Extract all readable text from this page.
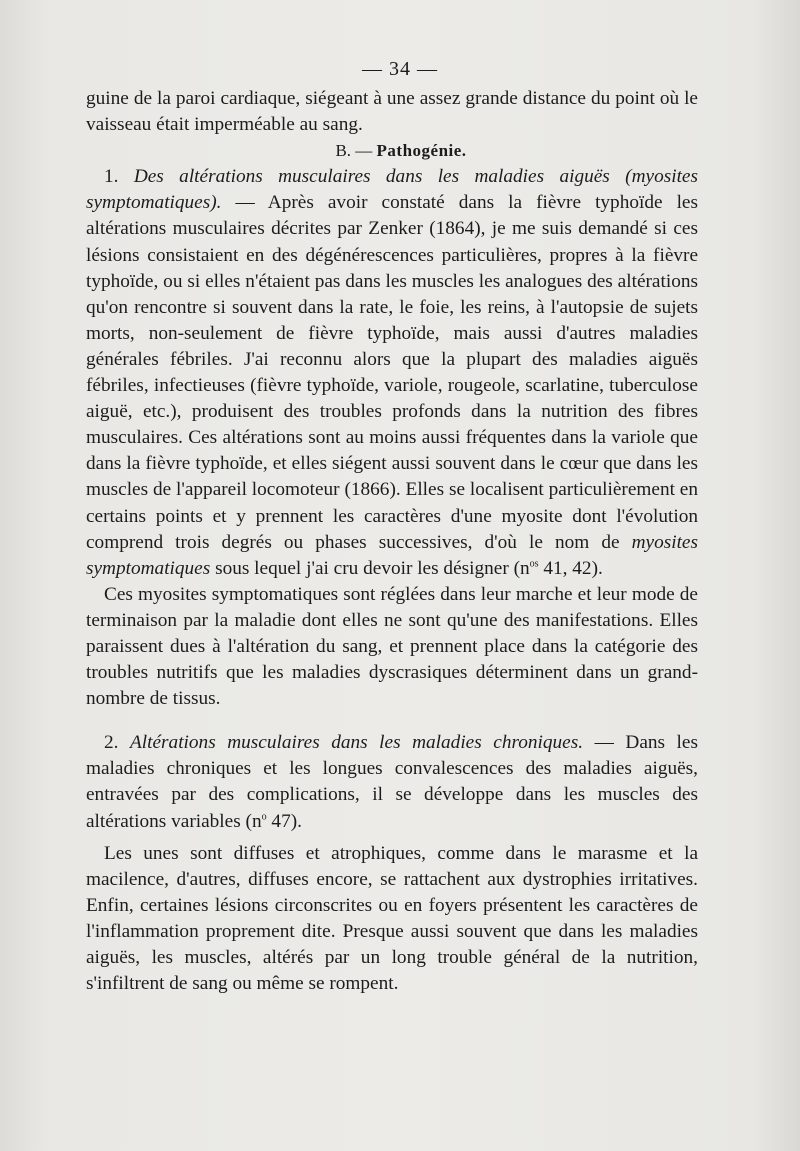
— 34 —

guine de la paroi cardiaque, siégeant à une assez grande distance du point où le vaisseau était imperméable au sang.

B. — Pathogénie.

1. Des altérations musculaires dans les maladies aiguës (myosites symptomatiques). — Après avoir constaté dans la fièvre typhoïde les altérations musculaires décrites par Zenker (1864), je me suis demandé si ces lésions consistaient en des dégénérescences particulières, propres à la fièvre typhoïde, ou si elles n'étaient pas dans les muscles les analogues des altérations qu'on rencontre si souvent dans la rate, le foie, les reins, à l'autopsie de sujets morts, non-seulement de fièvre typhoïde, mais aussi d'autres maladies générales fébriles. J'ai reconnu alors que la plupart des maladies aiguës fébriles, infectieuses (fièvre typhoïde, variole, rougeole, scarlatine, tuberculose aiguë, etc.), produisent des troubles profonds dans la nutrition des fibres musculaires. Ces altérations sont au moins aussi fréquentes dans la variole que dans la fièvre typhoïde, et elles siégent aussi souvent dans le cœur que dans les muscles de l'appareil locomoteur (1866). Elles se localisent particulièrement en certains points et y prennent les caractères d'une myosite dont l'évolution comprend trois degrés ou phases successives, d'où le nom de myosites symptomatiques sous lequel j'ai cru devoir les désigner ($n^{os}$ 41, 42).

Ces myosites symptomatiques sont réglées dans leur marche et leur mode de terminaison par la maladie dont elles ne sont qu'une des manifestations. Elles paraissent dues à l'altération du sang, et prennent place dans la catégorie des troubles nutritifs que les maladies dyscrasiques déterminent dans un grand-nombre de tissus.

2. Altérations musculaires dans les maladies chroniques. — Dans les maladies chroniques et les longues convalescences des maladies aiguës, entravées par des complications, il se développe dans les muscles des altérations variables ($n^o$ 47).

Les unes sont diffuses et atrophiques, comme dans le marasme et la macilence, d'autres, diffuses encore, se rattachent aux dystrophies irritatives. Enfin, certaines lésions circonscrites ou en foyers présentent les caractères de l'inflammation proprement dite. Presque aussi souvent que dans les maladies aiguës, les muscles, altérés par un long trouble général de la nutrition, s'infiltrent de sang ou même se rompent.
